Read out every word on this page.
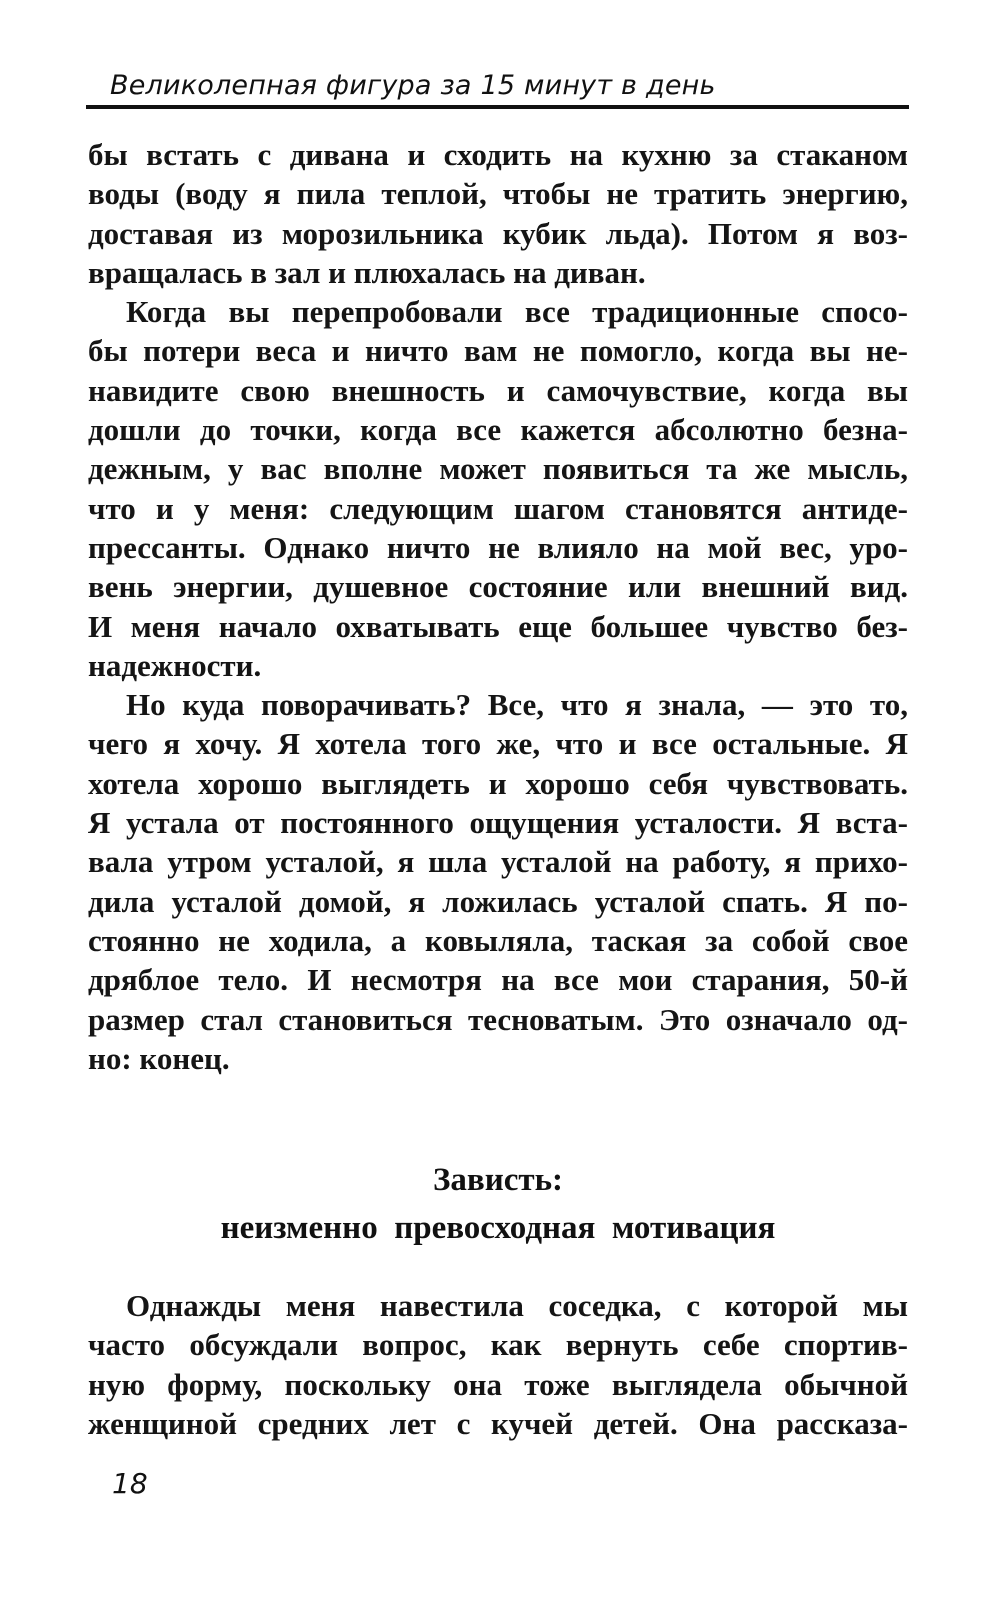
Великолепная фигура за 15 минут в день
бы встать с дивана и сходить на кухню за стаканом
воды (воду я пила теплой, чтобы не тратить энергию,
доставая из морозильника кубик льда). Потом я воз-
вращалась в зал и плюхалась на диван.
Когда вы перепробовали все традиционные спосо-
бы потери веса и ничто вам не помогло, когда вы не-
навидите свою внешность и самочувствие, когда вы
дошли до точки, когда все кажется абсолютно безна-
дежным, у вас вполне может появиться та же мысль,
что и у меня: следующим шагом становятся антиде-
прессанты. Однако ничто не влияло на мой вес, уро-
вень энергии, душевное состояние или внешний вид.
И меня начало охватывать еще большее чувство без-
надежности.
Но куда поворачивать? Все, что я знала, — это то,
чего я хочу. Я хотела того же, что и все остальные. Я
хотела хорошо выглядеть и хорошо себя чувствовать.
Я устала от постоянного ощущения усталости. Я вста-
вала утром усталой, я шла усталой на работу, я прихо-
дила усталой домой, я ложилась усталой спать. Я по-
стоянно не ходила, а ковыляла, таская за собой свое
дряблое тело. И несмотря на все мои старания, 50-й
размер стал становиться тесноватым. Это означало од-
но: конец.
Зависть:
неизменно  превосходная  мотивация
Однажды меня навестила соседка, с которой мы
часто обсуждали вопрос, как вернуть себе спортив-
ную форму, поскольку она тоже выглядела обычной
женщиной средних лет с кучей детей. Она рассказа-
18
